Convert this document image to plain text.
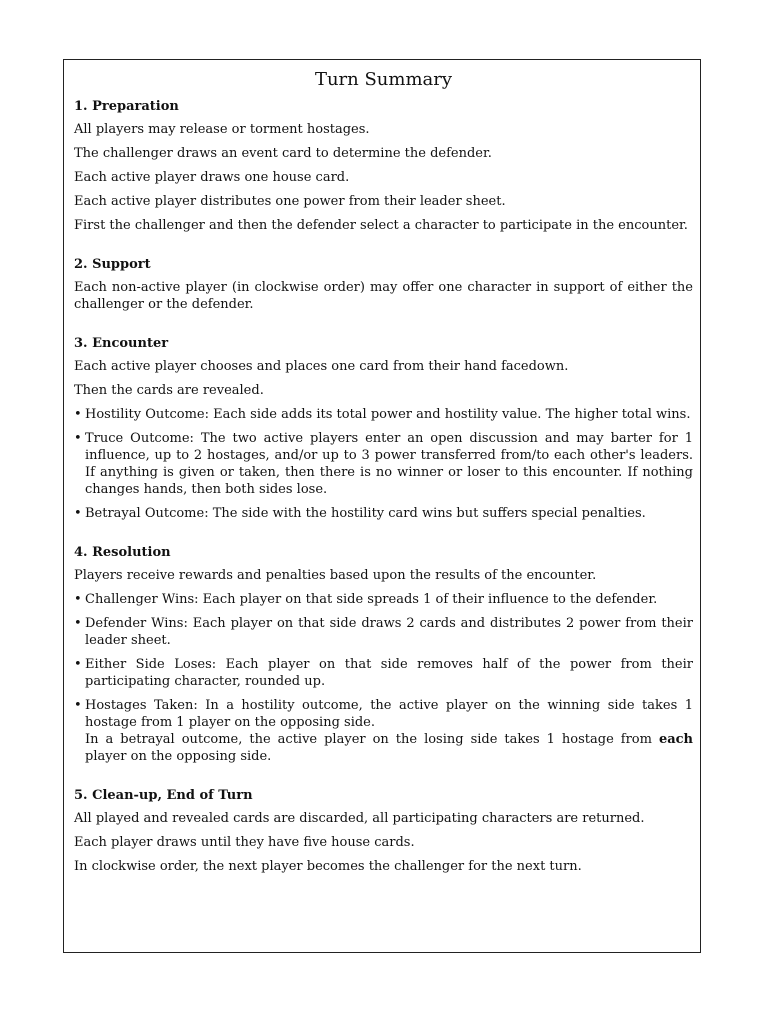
Turn Summary
1. Preparation
All players may release or torment hostages.
The challenger draws an event card to determine the defender.
Each active player draws one house card.
Each active player distributes one power from their leader sheet.
First the challenger and then the defender select a character to participate in the encounter.
2. Support
Each non-active player (in clockwise order) may offer one character in support of either the challenger or the defender.
3. Encounter
Each active player chooses and places one card from their hand facedown.
Then the cards are revealed.
• Hostility Outcome: Each side adds its total power and hostility value. The higher total wins.
• Truce Outcome: The two active players enter an open discussion and may barter for 1 influence, up to 2 hostages, and/or up to 3 power transferred from/to each other's leaders. If anything is given or taken, then there is no winner or loser to this encounter. If nothing changes hands, then both sides lose.
• Betrayal Outcome: The side with the hostility card wins but suffers special penalties.
4. Resolution
Players receive rewards and penalties based upon the results of the encounter.
• Challenger Wins: Each player on that side spreads 1 of their influence to the defender.
• Defender Wins: Each player on that side draws 2 cards and distributes 2 power from their leader sheet.
• Either Side Loses: Each player on that side removes half of the power from their participating character, rounded up.
• Hostages Taken: In a hostility outcome, the active player on the winning side takes 1 hostage from 1 player on the opposing side.
In a betrayal outcome, the active player on the losing side takes 1 hostage from each player on the opposing side.
5. Clean-up, End of Turn
All played and revealed cards are discarded, all participating characters are returned.
Each player draws until they have five house cards.
In clockwise order, the next player becomes the challenger for the next turn.
